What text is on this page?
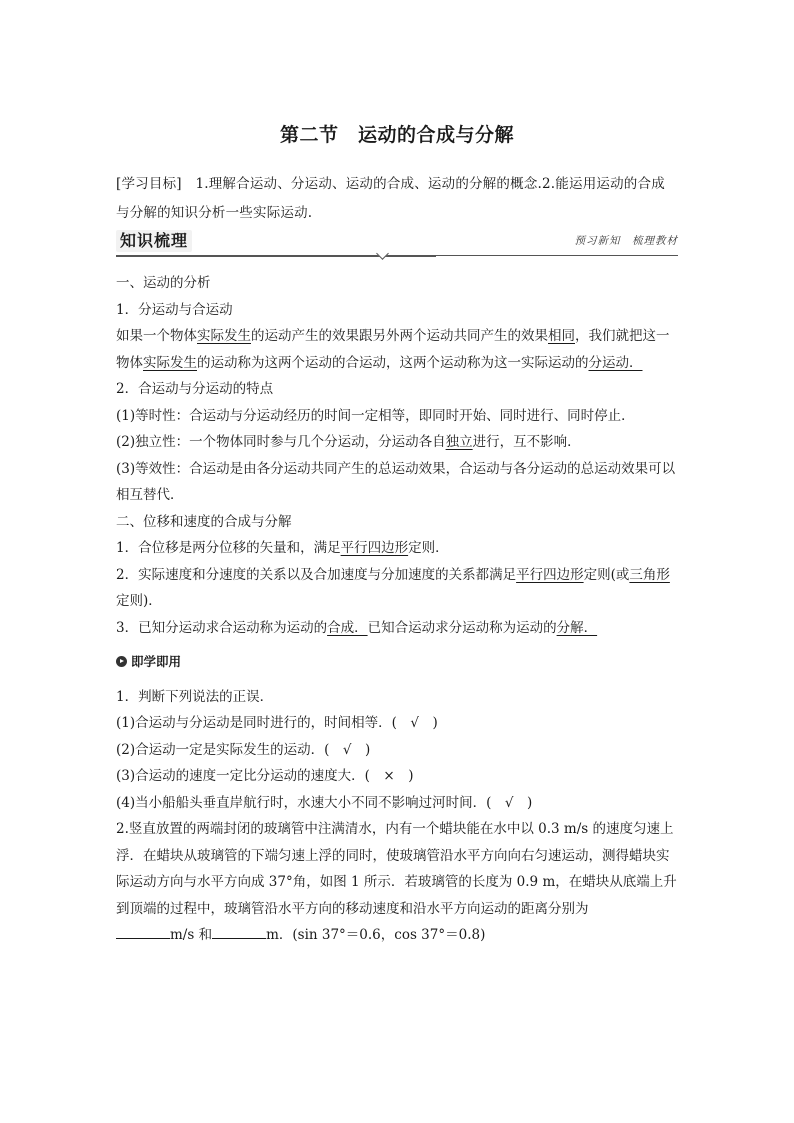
第二节　运动的合成与分解

[学习目标]　 1.理解合运动、分运动、运动的合成、运动的分解的概念.2.能运用运动的合成与分解的知识分析一些实际运动.

知识梳理	预习新知　梳理教材

一、运动的分析

1．分运动与合运动

如果一个物体实际发生的运动产生的效果跟另外两个运动共同产生的效果相同，我们就把这一物体实际发生的运动称为这两个运动的合运动，这两个运动称为这一实际运动的分运动．

2．合运动与分运动的特点

(1)等时性：合运动与分运动经历的时间一定相等，即同时开始、同时进行、同时停止．

(2)独立性：一个物体同时参与几个分运动，分运动各自独立进行，互不影响．

(3)等效性：合运动是由各分运动共同产生的总运动效果，合运动与各分运动的总运动效果可以相互替代．

二、位移和速度的合成与分解

1．合位移是两分位移的矢量和，满足平行四边形定则．

2．实际速度和分速度的关系以及合加速度与分加速度的关系都满足平行四边形定则(或三角形定则)．

3．已知分运动求合运动称为运动的合成．已知合运动求分运动称为运动的分解．

即学即用

1．判断下列说法的正误．

(1)合运动与分运动是同时进行的，时间相等．(　√　)

(2)合运动一定是实际发生的运动．(　√　)

(3)合运动的速度一定比分运动的速度大．(　×　)

(4)当小船船头垂直岸航行时，水速大小不同不影响过河时间．(　√　)

2.竖直放置的两端封闭的玻璃管中注满清水，内有一个蜡块能在水中以 0.3 m/s 的速度匀速上浮．在蜡块从玻璃管的下端匀速上浮的同时，使玻璃管沿水平方向向右匀速运动，测得蜡块实际运动方向与水平方向成 37°角，如图 1 所示．若玻璃管的长度为 0.9 m，在蜡块从底端上升到顶端的过程中，玻璃管沿水平方向的移动速度和沿水平方向运动的距离分别为
m/s 和	m．(sin 37°＝0.6，cos 37°＝0.8)
